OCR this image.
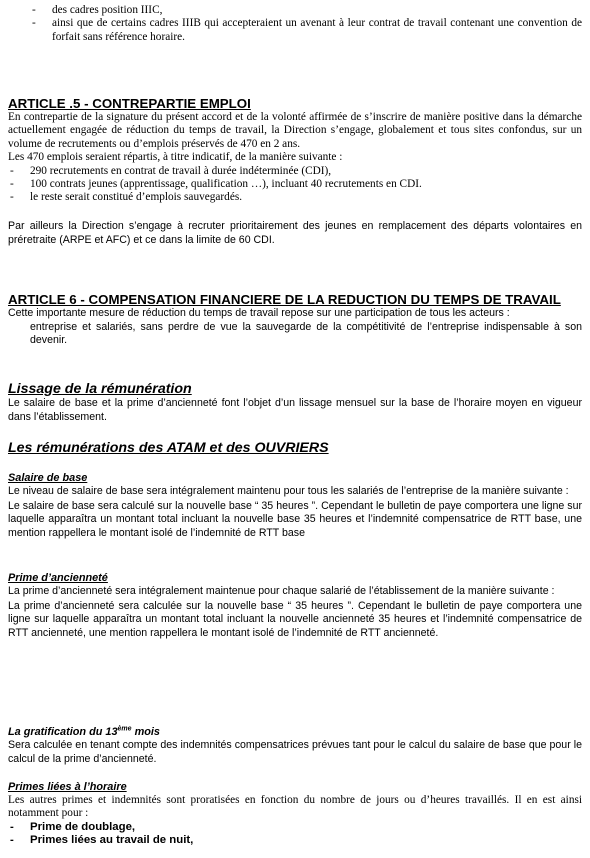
- des cadres position IIIC,
- ainsi que de certains cadres IIIB qui accepteraient un avenant à leur contrat de travail contenant une convention de forfait sans référence horaire.
ARTICLE .5 - CONTREPARTIE EMPLOI
En contrepartie de la signature du présent accord et de la volonté affirmée de s’inscrire de manière positive dans la démarche actuellement engagée de réduction du temps de travail, la Direction s’engage, globalement et tous sites confondus, sur un volume de recrutements ou d’emplois préservés de 470 en 2 ans.
Les 470 emplois seraient répartis, à titre indicatif, de la manière suivante :
- 290 recrutements en contrat de travail à durée indéterminée (CDI),
- 100 contrats jeunes (apprentissage, qualification …), incluant 40 recrutements en CDI.
- le reste serait constitué d’emplois sauvegardés.
Par ailleurs la Direction s’engage à recruter prioritairement des jeunes en remplacement des départs volontaires en préretraite (ARPE et AFC) et ce dans la limite de 60 CDI.
ARTICLE 6 - COMPENSATION FINANCIERE DE LA REDUCTION DU TEMPS DE TRAVAIL
Cette importante mesure de réduction du temps de travail repose sur une participation de tous les acteurs :
entreprise et salariés, sans perdre de vue la sauvegarde de la compétitivité de l’entreprise indispensable à son devenir.
Lissage de la rémunération
Le salaire de base et la prime d’ancienneté font l’objet d’un lissage mensuel sur la base de l’horaire moyen en vigueur dans l’établissement.
Les rémunérations des ATAM et des OUVRIERS
Salaire de base
Le niveau de salaire de base sera intégralement maintenu pour tous les salariés de l’entreprise de la manière suivante :
Le salaire de base sera calculé sur la nouvelle base “ 35 heures ”. Cependant le bulletin de paye comportera une ligne sur laquelle apparaîtra un montant total incluant la nouvelle base 35 heures et l’indemnité compensatrice de RTT base, une mention rappellera le montant isolé de l’indemnité de RTT base
Prime d’ancienneté
La prime d’ancienneté sera intégralement maintenue pour chaque salarié de l’établissement de la manière suivante :
La prime d’ancienneté sera calculée sur la nouvelle base “ 35 heures ”. Cependant le bulletin de paye comportera une ligne sur laquelle apparaîtra un montant total incluant la nouvelle ancienneté 35 heures et l’indemnité compensatrice de RTT ancienneté, une mention rappellera le montant isolé de l’indemnité de RTT ancienneté.
La gratification du 13ème mois
Sera calculée en tenant compte des indemnités compensatrices prévues tant pour le calcul du salaire de base que pour le calcul de la prime d’ancienneté.
Primes liées à l’horaire
Les autres primes et indemnités sont proratisées en fonction du nombre de jours ou d’heures travaillés. Il en est ainsi notamment pour :
- Prime de doublage,
- Primes liées au travail de nuit,
